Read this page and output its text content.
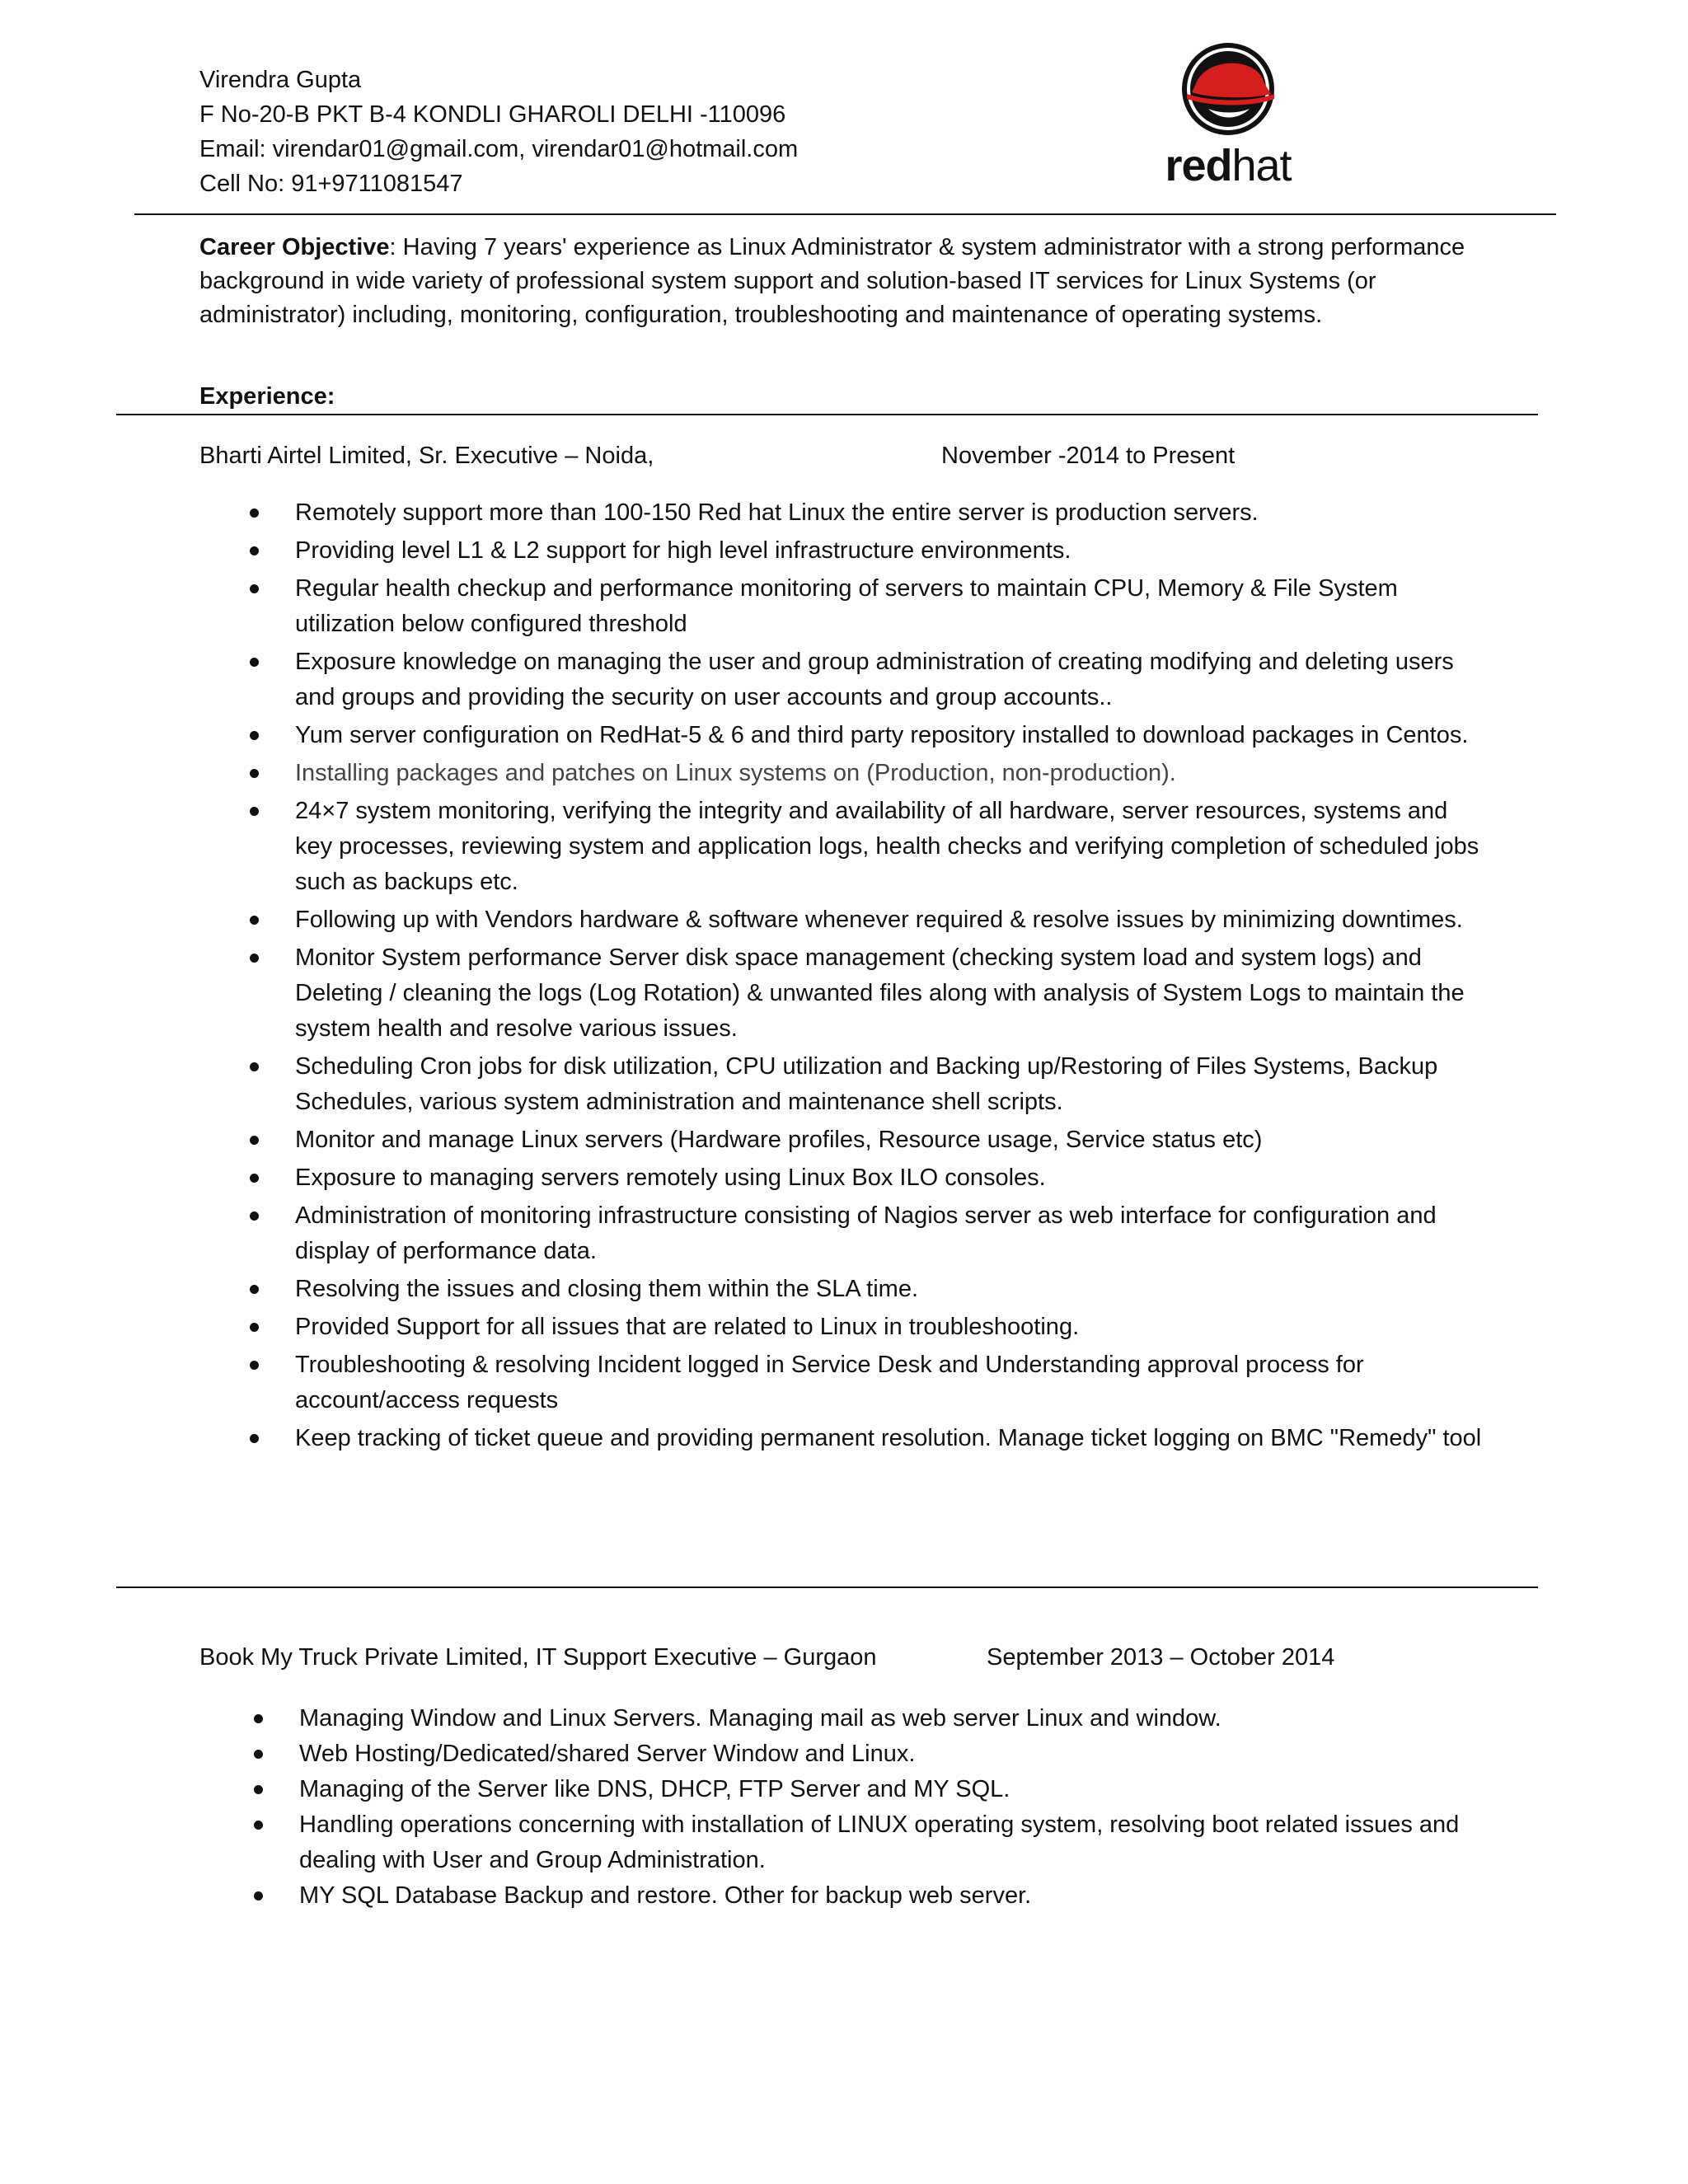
Virendra Gupta
F No-20-B PKT B-4 KONDLI GHAROLI DELHI -110096
Email: virendar01@gmail.com, virendar01@hotmail.com
Cell No: 91+9711081547	redhat
Career Objective: Having 7 years' experience as Linux Administrator & system administrator with a strong performance background in wide variety of professional system support and solution-based IT services for Linux Systems (or administrator) including, monitoring, configuration, troubleshooting and maintenance of operating systems.
Experience:
Bharti Airtel Limited, Sr. Executive – Noida,	November -2014 to Present
Remotely support more than 100-150 Red hat Linux the entire server is production servers.
Providing level L1 & L2 support for high level infrastructure environments.
Regular health checkup and performance monitoring of servers to maintain CPU, Memory & File System utilization below configured threshold
Exposure knowledge on managing the user and group administration of creating modifying and deleting users and groups and providing the security on user accounts and group accounts..
Yum server configuration on RedHat-5 & 6 and third party repository installed to download packages in Centos.
Installing packages and patches on Linux systems on (Production, non-production).
24×7 system monitoring, verifying the integrity and availability of all hardware, server resources, systems and key processes, reviewing system and application logs, health checks and verifying completion of scheduled jobs such as backups etc.
Following up with Vendors hardware & software whenever required & resolve issues by minimizing downtimes.
Monitor System performance Server disk space management (checking system load and system logs) and Deleting / cleaning the logs (Log Rotation) & unwanted files along with analysis of System Logs to maintain the system health and resolve various issues.
Scheduling Cron jobs for disk utilization, CPU utilization and Backing up/Restoring of Files Systems, Backup Schedules, various system administration and maintenance shell scripts.
Monitor and manage Linux servers (Hardware profiles, Resource usage, Service status etc)
Exposure to managing servers remotely using Linux Box ILO consoles.
Administration of monitoring infrastructure consisting of Nagios server as web interface for configuration and display of performance data.
Resolving the issues and closing them within the SLA time.
Provided Support for all issues that are related to Linux in troubleshooting.
Troubleshooting & resolving Incident logged in Service Desk and Understanding approval process for account/access requests
Keep tracking of ticket queue and providing permanent resolution. Manage ticket logging on BMC "Remedy" tool
Book My Truck Private Limited, IT Support Executive – Gurgaon	September 2013 – October 2014
Managing Window and Linux Servers. Managing mail as web server Linux and window.
Web Hosting/Dedicated/shared Server Window and Linux.
Managing of the Server like DNS, DHCP, FTP Server and MY SQL.
Handling operations concerning with installation of LINUX operating system, resolving boot related issues and dealing with User and Group Administration.
MY SQL Database Backup and restore. Other for backup web server.
